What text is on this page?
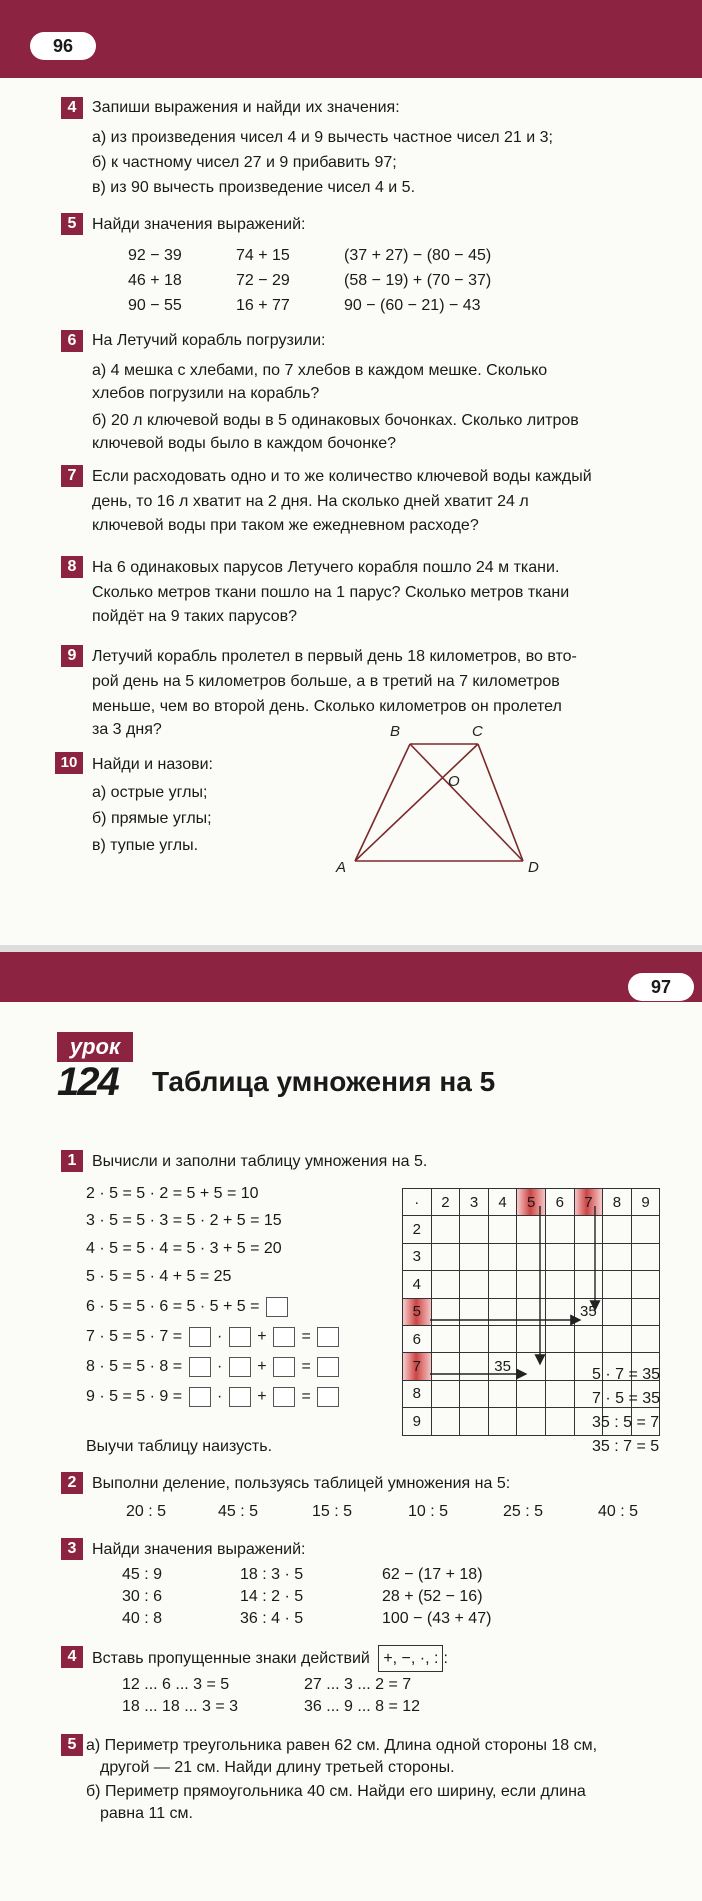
96
4 Запиши выражения и найди их значения:
а) из произведения чисел 4 и 9 вычесть частное чисел 21 и 3;
б) к частному чисел 27 и 9 прибавить 97;
в) из 90 вычесть произведение чисел 4 и 5.
5 Найди значения выражений:
92 − 39	74 + 15	(37 + 27) − (80 − 45)
46 + 18	72 − 29	(58 − 19) + (70 − 37)
90 − 55	16 + 77	90 − (60 − 21) − 43
6 На Летучий корабль погрузили:
а) 4 мешка с хлебами, по 7 хлебов в каждом мешке. Сколько
хлебов погрузили на корабль?
б) 20 л ключевой воды в 5 одинаковых бочонках. Сколько литров
ключевой воды было в каждом бочонке?
7 Если расходовать одно и то же количество ключевой воды каждый
день, то 16 л хватит на 2 дня. На сколько дней хватит 24 л
ключевой воды при таком же ежедневном расходе?
8 На 6 одинаковых парусов Летучего корабля пошло 24 м ткани.
Сколько метров ткани пошло на 1 парус? Сколько метров ткани
пойдёт на 9 таких парусов?
9 Летучий корабль пролетел в первый день 18 километров, во вто-
рой день на 5 километров больше, а в третий на 7 километров
меньше, чем во второй день. Сколько километров он пролетел
за 3 дня?
10 Найди и назови:
а) острые углы;
б) прямые углы;
в) тупые углы.
B	C
O
A	D
97
урок
124 Таблица умножения на 5
1 Вычисли и заполни таблицу умножения на 5.
2 · 5 = 5 · 2 = 5 + 5 = 10
3 · 5 = 5 · 3 = 5 · 2 + 5 = 15
4 · 5 = 5 · 4 = 5 · 3 + 5 = 20
5 · 5 = 5 · 4 + 5 = 25
6 · 5 = 5 · 6 = 5 · 5 + 5 =
7 · 5 = 5 · 7 = · + =
8 · 5 = 5 · 8 = · + =
9 · 5 = 5 · 9 = · + =
Выучи таблицу наизусть.
·	2	3	4	5	6	7	8	9
2								
3								
4								
5						35		
6								
7			35					
8								
9								
5 · 7 = 35
7 · 5 = 35
35 : 5 = 7
35 : 7 = 5
2 Выполни деление, пользуясь таблицей умножения на 5:
20 : 5	45 : 5	15 : 5	10 : 5	25 : 5	40 : 5
3 Найди значения выражений:
45 : 9	18 : 3 · 5	62 − (17 + 18)
30 : 6	14 : 2 · 5	28 + (52 − 16)
40 : 8	36 : 4 · 5	100 − (43 + 47)
4 Вставь пропущенные знаки действий +, −, ·, : :
12 ... 6 ... 3 = 5	27 ... 3 ... 2 = 7
18 ... 18 ... 3 = 3	36 ... 9 ... 8 = 12
5 а) Периметр треугольника равен 62 см. Длина одной стороны 18 см,
другой — 21 см. Найди длину третьей стороны.
б) Периметр прямоугольника 40 см. Найди его ширину, если длина
равна 11 см.
